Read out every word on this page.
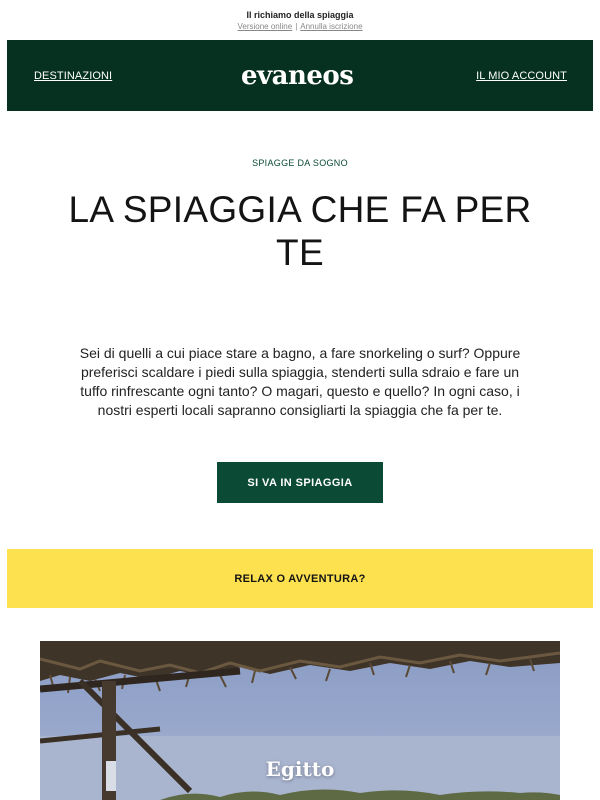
Il richiamo della spiaggia
Versione online | Annulla iscrizione
DESTINAZIONI	evaneos	IL MIO ACCOUNT
SPIAGGE DA SOGNO
LA SPIAGGIA CHE FA PER TE

Sei di quelli a cui piace stare a bagno, a fare snorkeling o surf? Oppure preferisci scaldare i piedi sulla spiaggia, stenderti sulla sdraio e fare un tuffo rinfrescante ogni tanto? O magari, questo e quello? In ogni caso, i nostri esperti locali sapranno consigliarti la spiaggia che fa per te.

SI VA IN SPIAGGIA
RELAX O AVVENTURA?
Egitto
